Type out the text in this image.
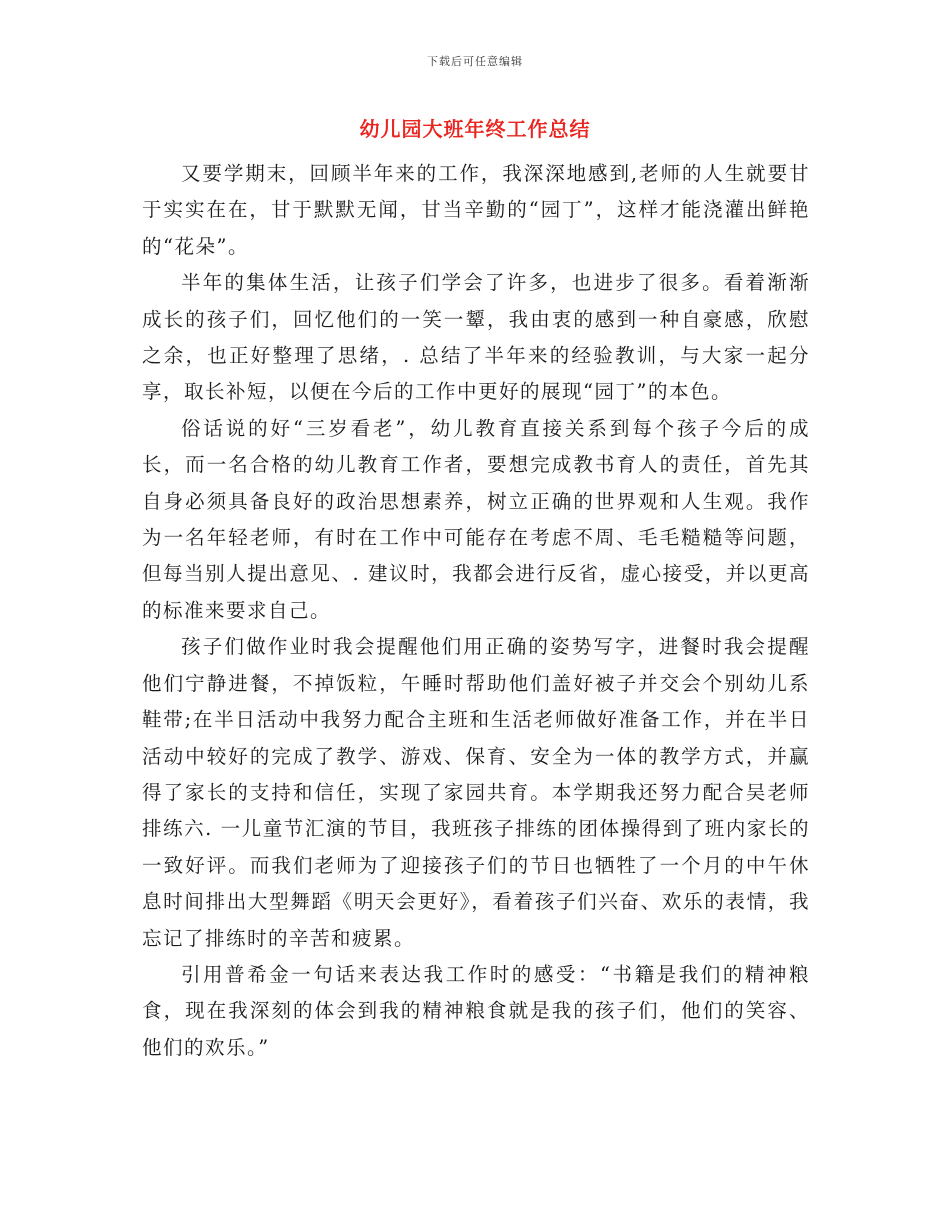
下载后可任意编辑
幼儿园大班年终工作总结

又要学期末，回顾半年来的工作，我深深地感到,老师的人生就要甘于实实在在，甘于默默无闻，甘当辛勤的“园丁”，这样才能浇灌出鲜艳的“花朵”。

半年的集体生活，让孩子们学会了许多，也进步了很多。看着渐渐成长的孩子们，回忆他们的一笑一颦，我由衷的感到一种自豪感，欣慰之余，也正好整理了思绪，. 总结了半年来的经验教训，与大家一起分享，取长补短，以便在今后的工作中更好的展现“园丁”的本色。

俗话说的好“三岁看老”，幼儿教育直接关系到每个孩子今后的成长，而一名合格的幼儿教育工作者，要想完成教书育人的责任，首先其自身必须具备良好的政治思想素养，树立正确的世界观和人生观。我作为一名年轻老师，有时在工作中可能存在考虑不周、毛毛糙糙等问题，但每当别人提出意见、. 建议时，我都会进行反省，虚心接受，并以更高的标准来要求自己。

孩子们做作业时我会提醒他们用正确的姿势写字，进餐时我会提醒他们宁静进餐，不掉饭粒，午睡时帮助他们盖好被子并交会个别幼儿系鞋带;在半日活动中我努力配合主班和生活老师做好准备工作，并在半日活动中较好的完成了教学、游戏、保育、安全为一体的教学方式，并赢得了家长的支持和信任，实现了家园共育。本学期我还努力配合吴老师排练六. 一儿童节汇演的节目，我班孩子排练的团体操得到了班内家长的一致好评。而我们老师为了迎接孩子们的节日也牺牲了一个月的中午休息时间排出大型舞蹈《明天会更好》，看着孩子们兴奋、欢乐的表情，我忘记了排练时的辛苦和疲累。

引用普希金一句话来表达我工作时的感受：“书籍是我们的精神粮食，现在我深刻的体会到我的精神粮食就是我的孩子们，他们的笑容、他们的欢乐。”
